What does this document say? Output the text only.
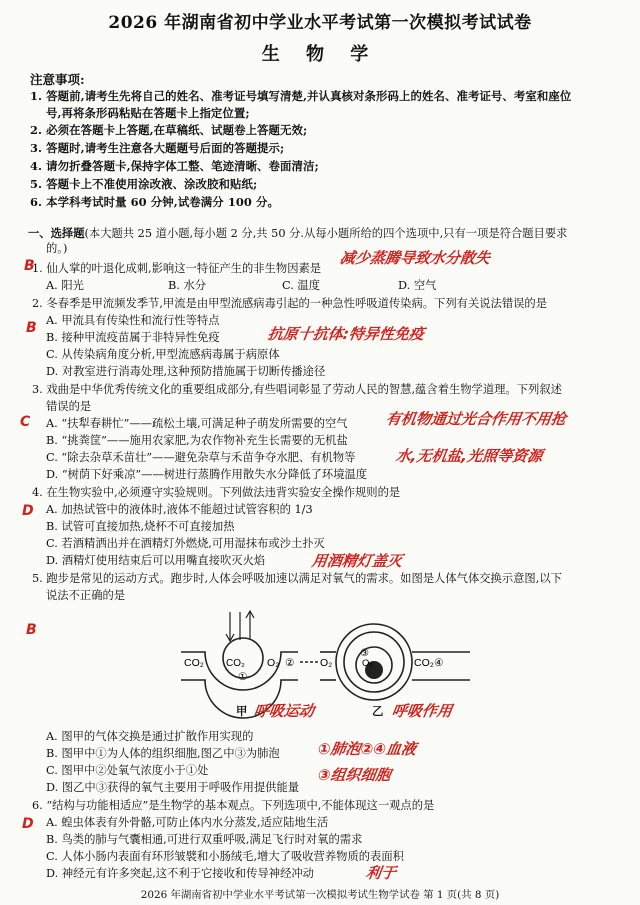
2026 年湖南省初中学业水平考试第一次模拟考试试卷
生 物 学
注意事项:
1. 答题前,请考生先将自己的姓名、准考证号填写清楚,并认真核对条形码上的姓名、准考证号、考室和座位
号,再将条形码粘贴在答题卡上指定位置;
2. 必须在答题卡上答题,在草稿纸、试题卷上答题无效;
3. 答题时,请考生注意各大题题号后面的答题提示;
4. 请勿折叠答题卡,保持字体工整、笔迹清晰、卷面清洁;
5. 答题卡上不准使用涂改液、涂改胶和贴纸;
6. 本学科考试时量 60 分钟,试卷满分 100 分。
一、选择题(本大题共 25 道小题,每小题 2 分,共 50 分.从每小题所给的四个选项中,只有一项是符合题目要求
的。)
B	减少蒸腾导致水分散失
1. 仙人掌的叶退化成刺,影响这一特征产生的非生物因素是
A. 阳光	B. 水分	C. 温度	D. 空气
2. 冬春季是甲流频发季节,甲流是由甲型流感病毒引起的一种急性呼吸道传染病。下列有关说法错误的是
A. 甲流具有传染性和流行性等特点
B
B. 接种甲流疫苗属于非特异性免疫	抗原十抗体:特异性免疫
C. 从传染病角度分析,甲型流感病毒属于病原体
D. 对教室进行消毒处理,这种预防措施属于切断传播途径
3. 戏曲是中华优秀传统文化的重要组成部分,有些唱词彰显了劳动人民的智慧,蕴含着生物学道理。下列叙述
错误的是
C A. “扶犁春耕忙”——疏松土壤,可满足种子萌发所需要的空气 有机物通过光合作用不用抢
B. “挑粪筐”——施用农家肥,为农作物补充生长需要的无机盐
C. “除去杂草禾苗壮”——避免杂草与禾苗争夺水肥、有机物等	水,无机盐,光照等资源
D. “树荫下好乘凉”——树进行蒸腾作用散失水分降低了环境温度
4. 在生物实验中,必须遵守实验规则。下列做法违背实验安全操作规则的是
D A. 加热试管中的液体时,液体不能超过试管容积的 1/3
B. 试管可直接加热,烧杯不可直接加热
C. 若酒精洒出并在酒精灯外燃烧,可用湿抹布或沙土扑灭
D. 酒精灯使用结束后可以用嘴直接吹灭火焰	用酒精灯盖灭
5. 跑步是常见的运动方式。跑步时,人体会呼吸加速以满足对氧气的需求。如图是人体气体交换示意图,以下
说法不正确的是
B
CO₂ CO₂ O₂ ②
①
O₂
③
O₂	CO₂ ④
甲 呼吸运动	乙 呼吸作用
A. 图甲的气体交换是通过扩散作用实现的
①肺泡②④血液
B. 图甲中①为人体的组织细胞,图乙中③为肺泡
C. 图甲中②处氧气浓度小于①处	③组织细胞
D. 图乙中③获得的氧气主要用于呼吸作用提供能量
6. “结构与功能相适应”是生物学的基本观点。下列选项中,不能体现这一观点的是
D A. 蝗虫体表有外骨骼,可防止体内水分蒸发,适应陆地生活
B. 鸟类的肺与气囊相通,可进行双重呼吸,满足飞行时对氧的需求
C. 人体小肠内表面有环形皱襞和小肠绒毛,增大了吸收营养物质的表面积
D. 神经元有许多突起,这不利于它接收和传导神经冲动	利于
2026 年湖南省初中学业水平考试第一次模拟考试生物学试卷 第 1 页(共 8 页)
